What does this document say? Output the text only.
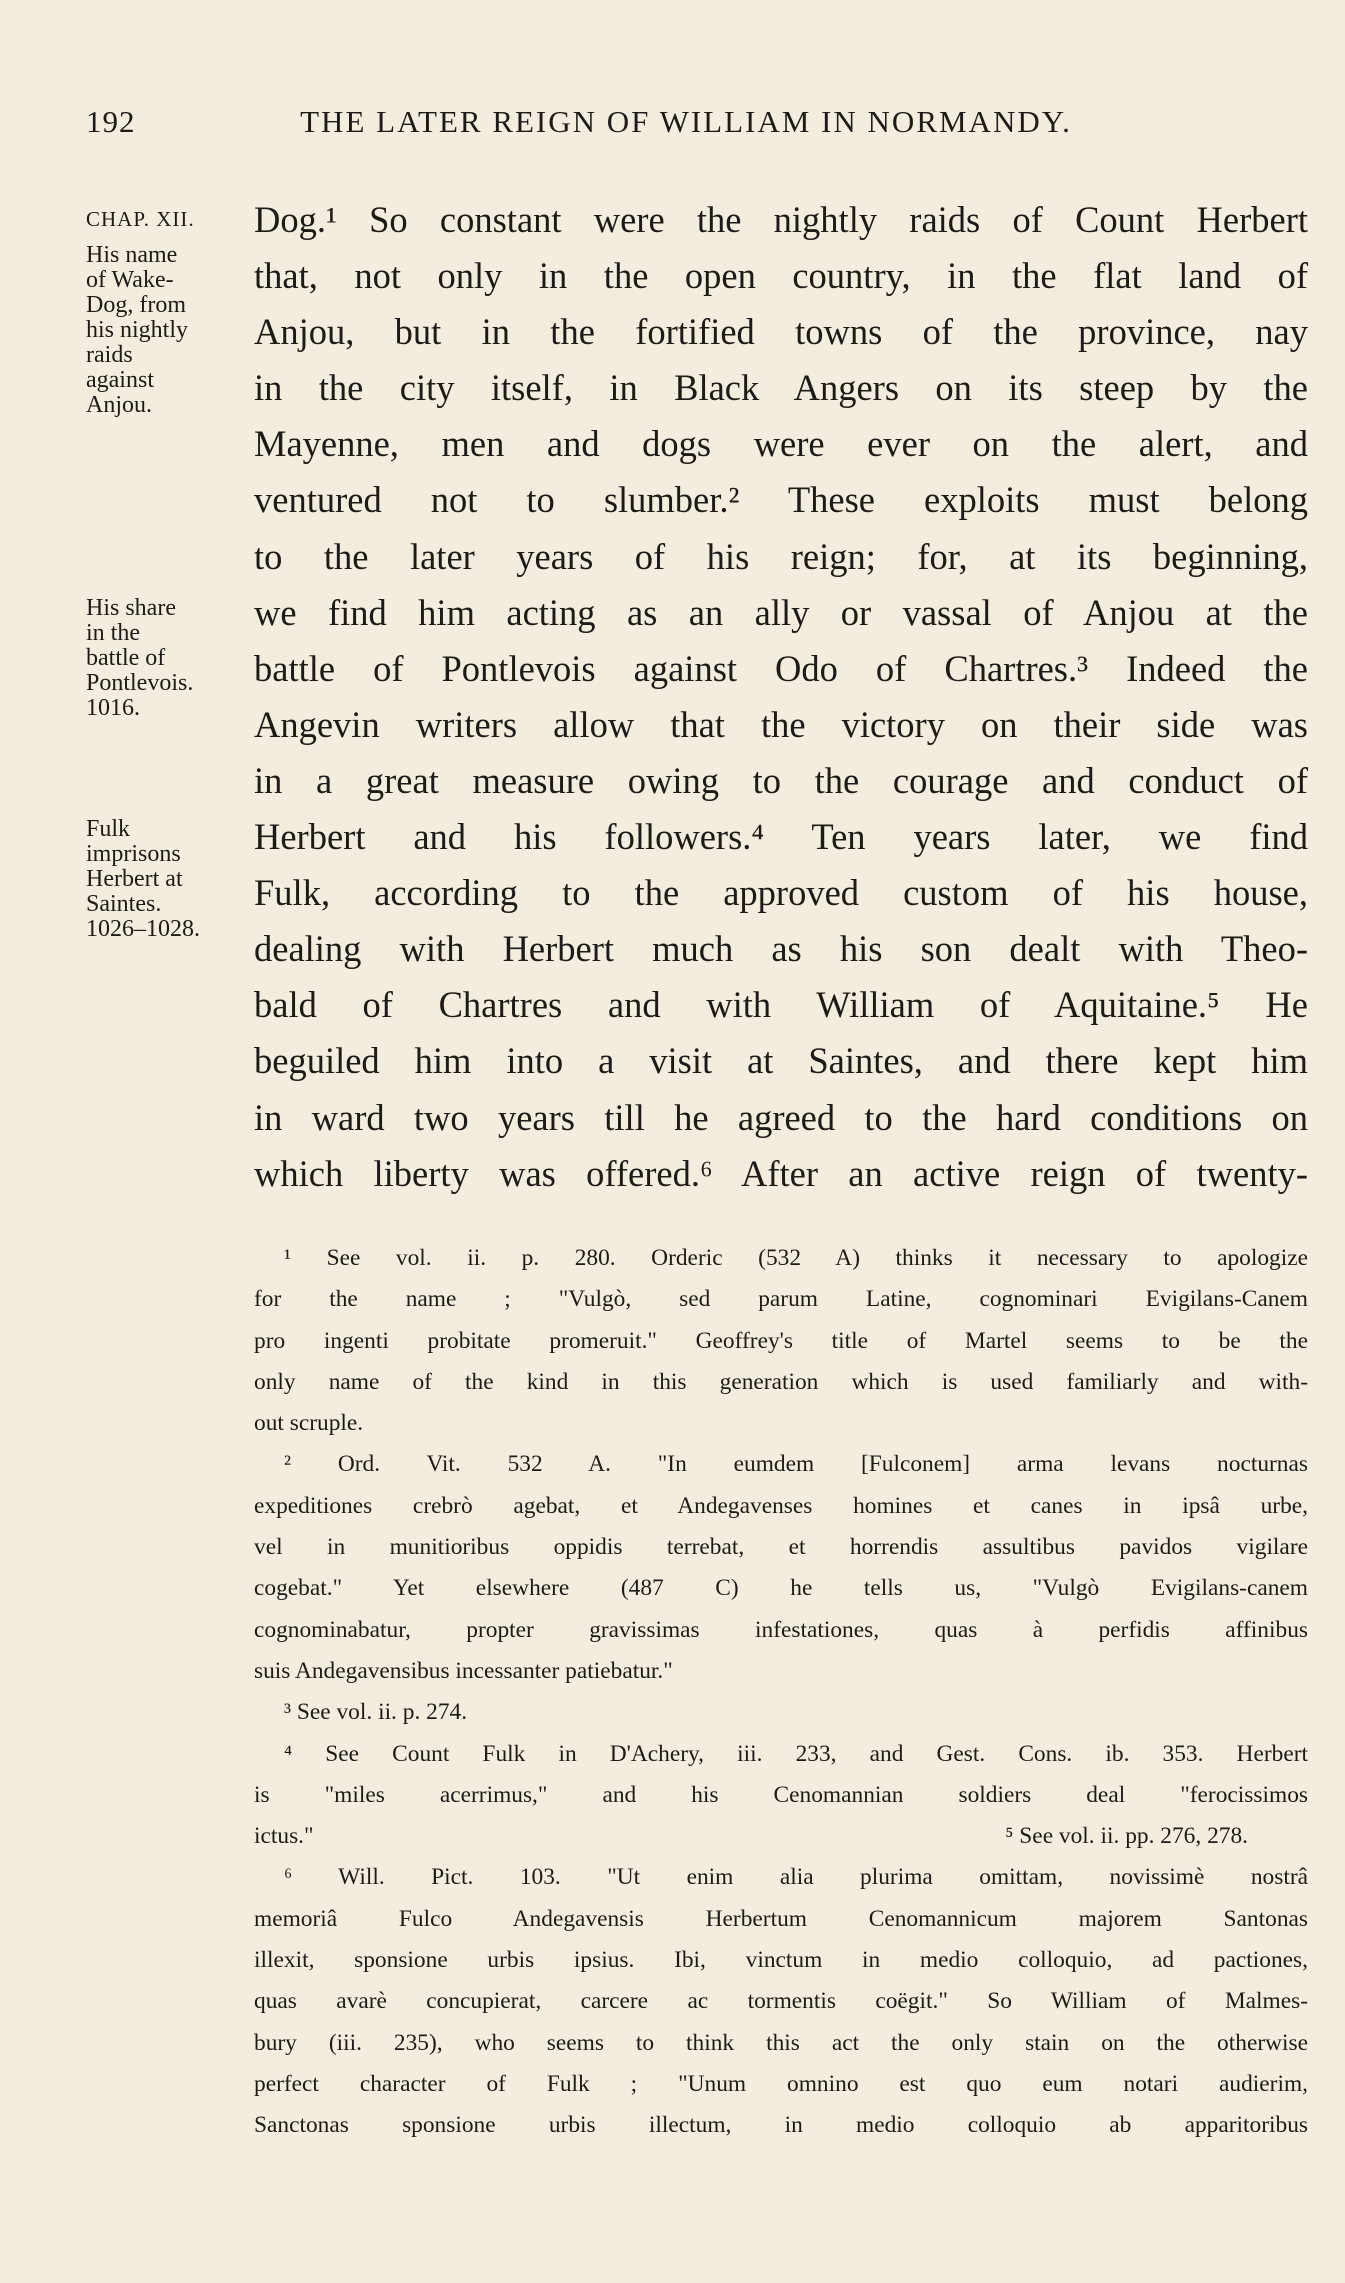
192	THE LATER REIGN OF WILLIAM IN NORMANDY.
CHAP. XII.
His name
of Wake-
Dog, from
his nightly
raids
against
Anjou.
His share
in the
battle of
Pontlevois.
1016.
Fulk
imprisons
Herbert at
Saintes.
1026–1028.
Dog.¹ So constant were the nightly raids of Count Herbert
that, not only in the open country, in the flat land of
Anjou, but in the fortified towns of the province, nay
in the city itself, in Black Angers on its steep by the
Mayenne, men and dogs were ever on the alert, and
ventured not to slumber.² These exploits must belong
to the later years of his reign; for, at its beginning,
we find him acting as an ally or vassal of Anjou at the
battle of Pontlevois against Odo of Chartres.³ Indeed the
Angevin writers allow that the victory on their side was
in a great measure owing to the courage and conduct of
Herbert and his followers.⁴ Ten years later, we find
Fulk, according to the approved custom of his house,
dealing with Herbert much as his son dealt with Theo-
bald of Chartres and with William of Aquitaine.⁵ He
beguiled him into a visit at Saintes, and there kept him
in ward two years till he agreed to the hard conditions on
which liberty was offered.⁶ After an active reign of twenty-
¹ See vol. ii. p. 280. Orderic (532 A) thinks it necessary to apologize
for the name ; "Vulgò, sed parum Latine, cognominari Evigilans-Canem
pro ingenti probitate promeruit." Geoffrey's title of Martel seems to be the
only name of the kind in this generation which is used familiarly and with-
out scruple.
² Ord. Vit. 532 A. "In eumdem [Fulconem] arma levans nocturnas
expeditiones crebrò agebat, et Andegavenses homines et canes in ipsâ urbe,
vel in munitioribus oppidis terrebat, et horrendis assultibus pavidos vigilare
cogebat." Yet elsewhere (487 C) he tells us, "Vulgò Evigilans-canem
cognominabatur, propter gravissimas infestationes, quas à perfidis affinibus
suis Andegavensibus incessanter patiebatur."
³ See vol. ii. p. 274.
⁴ See Count Fulk in D'Achery, iii. 233, and Gest. Cons. ib. 353. Herbert
is "miles acerrimus," and his Cenomannian soldiers deal "ferocissimos
ictus."	⁵ See vol. ii. pp. 276, 278.
⁶ Will. Pict. 103. "Ut enim alia plurima omittam, novissimè nostrâ
memoriâ Fulco Andegavensis Herbertum Cenomannicum majorem Santonas
illexit, sponsione urbis ipsius. Ibi, vinctum in medio colloquio, ad pactiones,
quas avarè concupierat, carcere ac tormentis coëgit." So William of Malmes-
bury (iii. 235), who seems to think this act the only stain on the otherwise
perfect character of Fulk ; "Unum omnino est quo eum notari audierim,
Sanctonas sponsione urbis illectum, in medio colloquio ab apparitoribus
